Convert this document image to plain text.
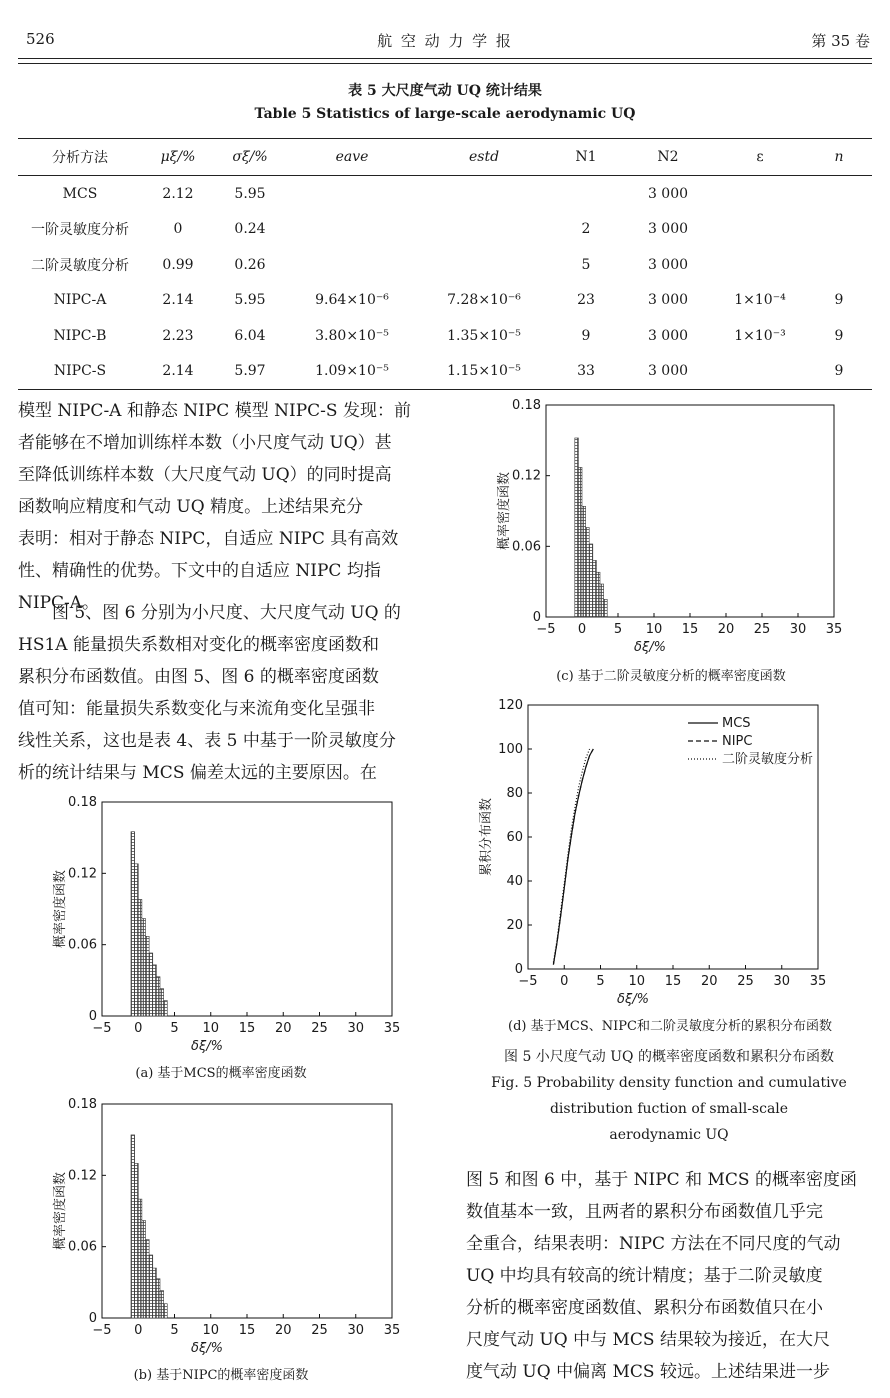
526	航 空 动 力 学 报	第 35 卷
表 5 大尺度气动 UQ 统计结果
Table 5 Statistics of large-scale aerodynamic UQ
分析方法	μξ/%	σξ/%	eave	estd	N1	N2	ε	n
MCS	2.12	5.95				3 000		
一阶灵敏度分析	0	0.24			2	3 000		
二阶灵敏度分析	0.99	0.26			5	3 000		
NIPC-A	2.14	5.95	9.64×10⁻⁶	7.28×10⁻⁶	23	3 000	1×10⁻⁴	9
NIPC-B	2.23	6.04	3.80×10⁻⁵	1.35×10⁻⁵	9	3 000	1×10⁻³	9
NIPC-S	2.14	5.97	1.09×10⁻⁵	1.15×10⁻⁵	33	3 000		9

模型 NIPC-A 和静态 NIPC 模型 NIPC-S 发现：前

者能够在不增加训练样本数（小尺度气动 UQ）甚

至降低训练样本数（大尺度气动 UQ）的同时提高

函数响应精度和气动 UQ 精度。上述结果充分

表明：相对于静态 NIPC，自适应 NIPC 具有高效

性、精确性的优势。下文中的自适应 NIPC 均指

NIPC-A。

图 5、图 6 分别为小尺度、大尺度气动 UQ 的

HS1A 能量损失系数相对变化的概率密度函数和

累积分布函数值。由图 5、图 6 的概率密度函数

值可知：能量损失系数变化与来流角变化呈强非

线性关系，这也是表 4、表 5 中基于一阶灵敏度分

析的统计结果与 MCS 偏差太远的主要原因。在

图 5 和图 6 中，基于 NIPC 和 MCS 的概率密度函

数值基本一致，且两者的累积分布函数值几乎完

全重合，结果表明：NIPC 方法在不同尺度的气动

UQ 中均具有较高的统计精度；基于二阶灵敏度

分析的概率密度函数值、累积分布函数值只在小

尺度气动 UQ 中与 MCS 结果较为接近，在大尺

度气动 UQ 中偏离 MCS 较远。上述结果进一步

−5 0 5 10 15 20 25 30 35
0
0.06
0.12
0.18
δξ/%
概率密度函数
(a) 基于MCS的概率密度函数
−5 0 5 10 15 20 25 30 35
0
0.06
0.12
0.18
δξ/%
概率密度函数
(b) 基于NIPC的概率密度函数
−5 0 5 10 15 20 25 30 35
0
0.06
0.12
0.18
δξ/%
概率密度函数
(c) 基于二阶灵敏度分析的概率密度函数
−5 0 5 10 15 20 25 30 35
0
20
40
60
80
100
120
δξ/%
累积分布函数
MCS
NIPC
二阶灵敏度分析
(d) 基于MCS、NIPC和二阶灵敏度分析的累积分布函数
图 5 小尺度气动 UQ 的概率密度函数和累积分布函数
Fig. 5 Probability density function and cumulative
distribution fuction of small-scale
aerodynamic UQ
